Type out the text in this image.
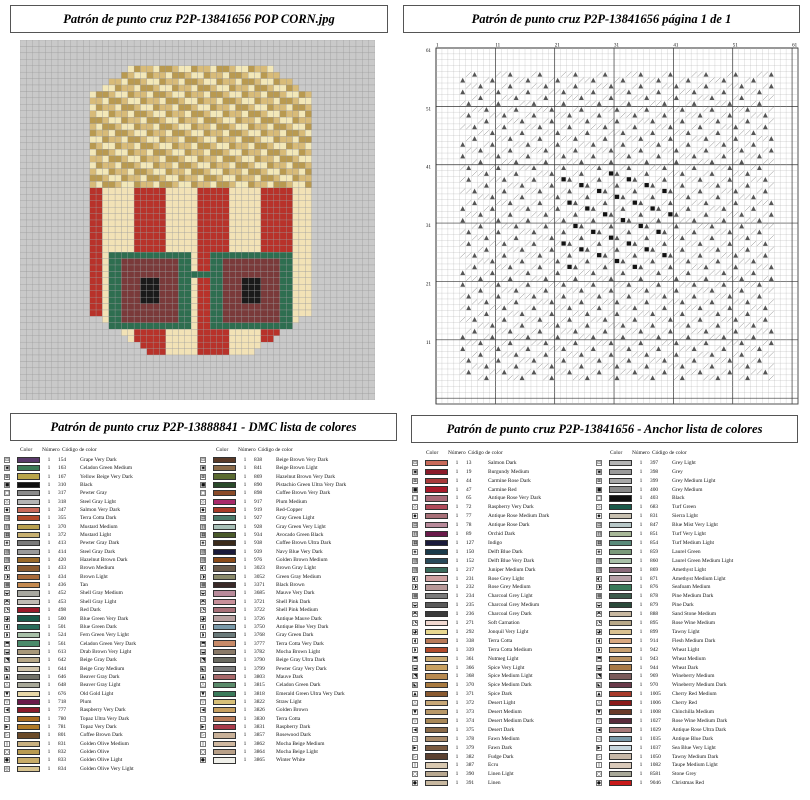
Patrón de punto cruz P2P-13841656 POP CORN.jpg	Patrón de punto cruz P2P-13841656 página 1 de 1
Patrón de punto cruz P2P-13888841 - DMC lista de colores	Patrón de punto cruz P2P-13841656 - Anchor lista de colores
1	11	21	31	41	51	61
61
51
41
31
21
11
Color Número Código de color	Color Número Código de color
⊡	1	154	Grape Very Dark
▣	1	163	Celadon Green Medium
⊠	1	167	Yellow Beige Very Dark
■	1	310	Black
□	1	317	Pewter Gray
◇	1	318	Steel Gray Light
◆	1	347	Salmon Very Dark
▤	1	355	Terra Cotta Dark
▥	1	370	Mustard Medium
▦	1	372	Mustard Light
◈	1	413	Pewter Gray Dark
▧	1	414	Steel Gray Dark
▨	1	420	Hazelnut Brown Dark
◐	1	433	Brown Medium
◑	1	434	Brown Light
▩	1	436	Tan
◒	1	452	Shell Gray Medium
◓	1	453	Shell Gray Light
◔	1	498	Red Dark
◕	1	500	Blue Green Very Dark
◖	1	501	Blue Green Dark
◗	1	524	Fern Green Very Light
⬒	1	561	Celadon Green Very Dark
⬓	1	613	Drab Brown Very Light
⬔	1	642	Beige Gray Dark
⬕	1	644	Beige Gray Medium
▲	1	646	Beaver Gray Dark
△	1	648	Beaver Gray Light
▼	1	676	Old Gold Light
▽	1	718	Plum
◀	1	777	Raspberry Very Dark
◁	1	780	Topaz Ultra Very Dark
▶	1	781	Topaz Very Dark
▷	1	801	Coffee Brown Dark
◊	1	831	Golden Olive Medium
○	1	832	Golden Olive
●	1	833	Golden Olive Light
◎	1	834	Golden Olive Very Light
⊡	1	838	Beige Brown Very Dark
▣	1	841	Beige Brown Light
⊠	1	869	Hazelnut Brown Very Dark
■	1	890	Pistachio Green Ultra Very Dark
□	1	898	Coffee Brown Very Dark
◇	1	917	Plum Medium
◆	1	919	Red-Copper
▤	1	927	Gray Green Light
▥	1	928	Gray Green Very Light
▦	1	934	Avocado Green Black
◈	1	938	Coffee Brown Ultra Dark
▧	1	939	Navy Blue Very Dark
▨	1	976	Golden Brown Medium
◐	1	3023	Brown Gray Light
◑	1	3052	Green Gray Medium
▩	1	3371	Black Brown
◒	1	3685	Mauve Very Dark
◓	1	3721	Shell Pink Dark
◔	1	3722	Shell Pink Medium
◕	1	3726	Antique Mauve Dark
◖	1	3750	Antique Blue Very Dark
◗	1	3768	Gray Green Dark
⬒	1	3777	Terra Cotta Very Dark
⬓	1	3782	Mocha Brown Light
⬔	1	3790	Beige Gray Ultra Dark
⬕	1	3799	Pewter Gray Very Dark
▲	1	3803	Mauve Dark
△	1	3815	Celadon Green Dark
▼	1	3818	Emerald Green Ultra Very Dark
▽	1	3822	Straw Light
◀	1	3826	Golden Brown
◁	1	3830	Terra Cotta
▶	1	3831	Raspberry Dark
▷	1	3857	Rosewood Dark
◊	1	3862	Mocha Beige Medium
○	1	3864	Mocha Beige Light
●	1	3865	Winter White
Color Número Código de color	Color Número Código de color
⊡	1	13	Salmon Dark
▣	1	19	Burgundy Medium
⊠	1	44	Carmine Rose Dark
■	1	47	Carmine Red
□	1	65	Antique Rose Very Dark
◇	1	72	Raspberry Very Dark
◆	1	77	Antique Rose Medium Dark
▤	1	78	Antique Rose Dark
▥	1	89	Orchid Dark
▦	1	127	Indigo
◈	1	150	Delft Blue Dark
▧	1	152	Delft Blue Very Dark
▨	1	217	Juniper Medium Dark
◐	1	231	Rose Grey Light
◑	1	232	Rose Grey Medium
▩	1	234	Charcoal Grey Light
◒	1	235	Charcoal Grey Medium
◓	1	236	Charcoal Grey Dark
◔	1	271	Soft Carnation
◕	1	292	Jonquil Very Light
◖	1	338	Terra Cotta
◗	1	339	Terra Cotta Medium
⬒	1	361	Nutmeg Light
⬓	1	366	Spice Very Light
⬔	1	368	Spice Medium Light
⬕	1	370	Spice Medium Dark
▲	1	371	Spice Dark
△	1	372	Desert Light
▼	1	373	Desert Medium
▽	1	374	Desert Medium Dark
◀	1	375	Desert Dark
◁	1	378	Fawn Medium
▶	1	379	Fawn Dark
▷	1	382	Fudge Dark
◊	1	387	Ecru
○	1	390	Linen Light
●	1	391	Linen
⊡	1	397	Grey Light
▣	1	398	Grey
⊠	1	399	Grey Medium Light
■	1	400	Grey Medium
□	1	403	Black
◇	1	683	Turf Green
◆	1	831	Sierra Light
▤	1	847	Blue Mist Very Light
▥	1	851	Turf Very Light
▦	1	854	Turf Medium Light
◈	1	859	Laurel Green
▧	1	860	Laurel Green Medium Light
▨	1	869	Amethyst Light
◐	1	871	Amethyst Medium Light
◑	1	876	Seafoam Medium
▩	1	878	Pine Medium Dark
◒	1	879	Pine Dark
◓	1	888	Sand Stone Medium
◔	1	895	Rose Wine Medium
◕	1	899	Tawny Light
◖	1	914	Flesh Medium Dark
◗	1	942	Wheat Light
⬒	1	943	Wheat Medium
⬓	1	944	Wheat Dark
⬔	1	969	Wineberry Medium
⬕	1	970	Wineberry Medium Dark
▲	1	1005	Cherry Red Medium
△	1	1006	Cherry Red
▼	1	1008	Chinchilla Medium
▽	1	1027	Rose Wine Medium Dark
◀	1	1029	Antique Rose Ultra Dark
◁	1	1035	Antique Blue Dark
▶	1	1037	Sea Blue Very Light
▷	1	1050	Tawny Medium Dark
◊	1	1082	Taupe Medium Light
○	1	8581	Stone Grey
●	1	9046	Christmas Red
